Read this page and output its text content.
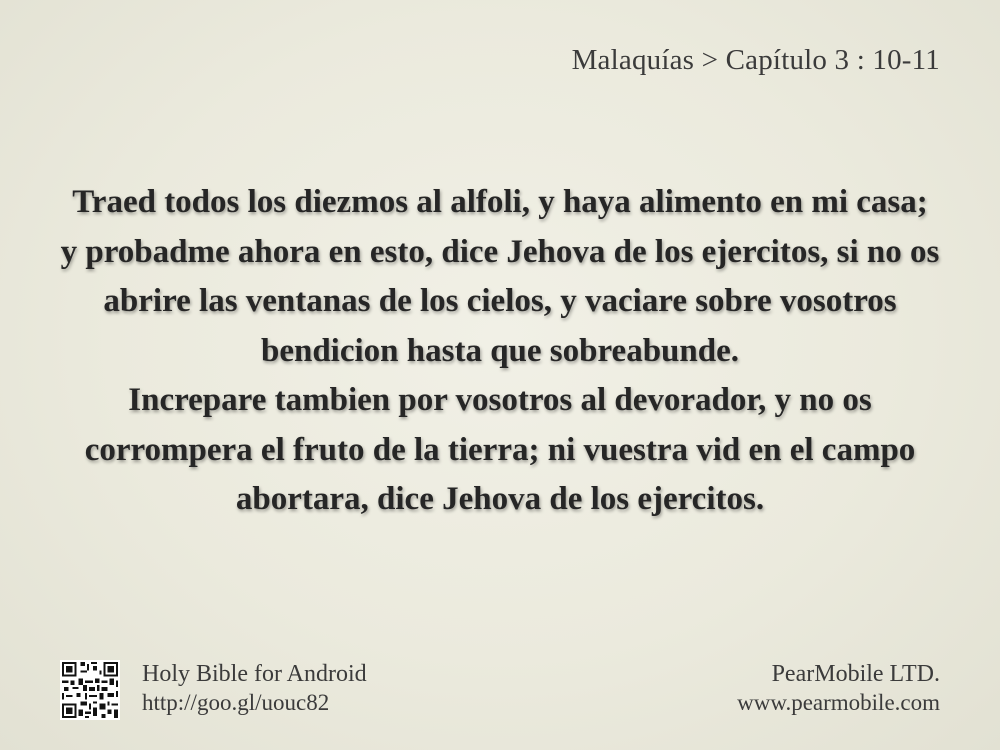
Malaquías > Capítulo 3 : 10-11
Traed todos los diezmos al alfoli, y haya alimento en mi casa; y probadme ahora en esto, dice Jehova de los ejercitos, si no os abrire las ventanas de los cielos, y vaciare sobre vosotros bendicion hasta que sobreabunde.
Increpare tambien por vosotros al devorador, y no os corrompera el fruto de la tierra; ni vuestra vid en el campo abortara, dice Jehova de los ejercitos.
Holy Bible for Android
http://goo.gl/uouc82
PearMobile LTD.
www.pearmobile.com
